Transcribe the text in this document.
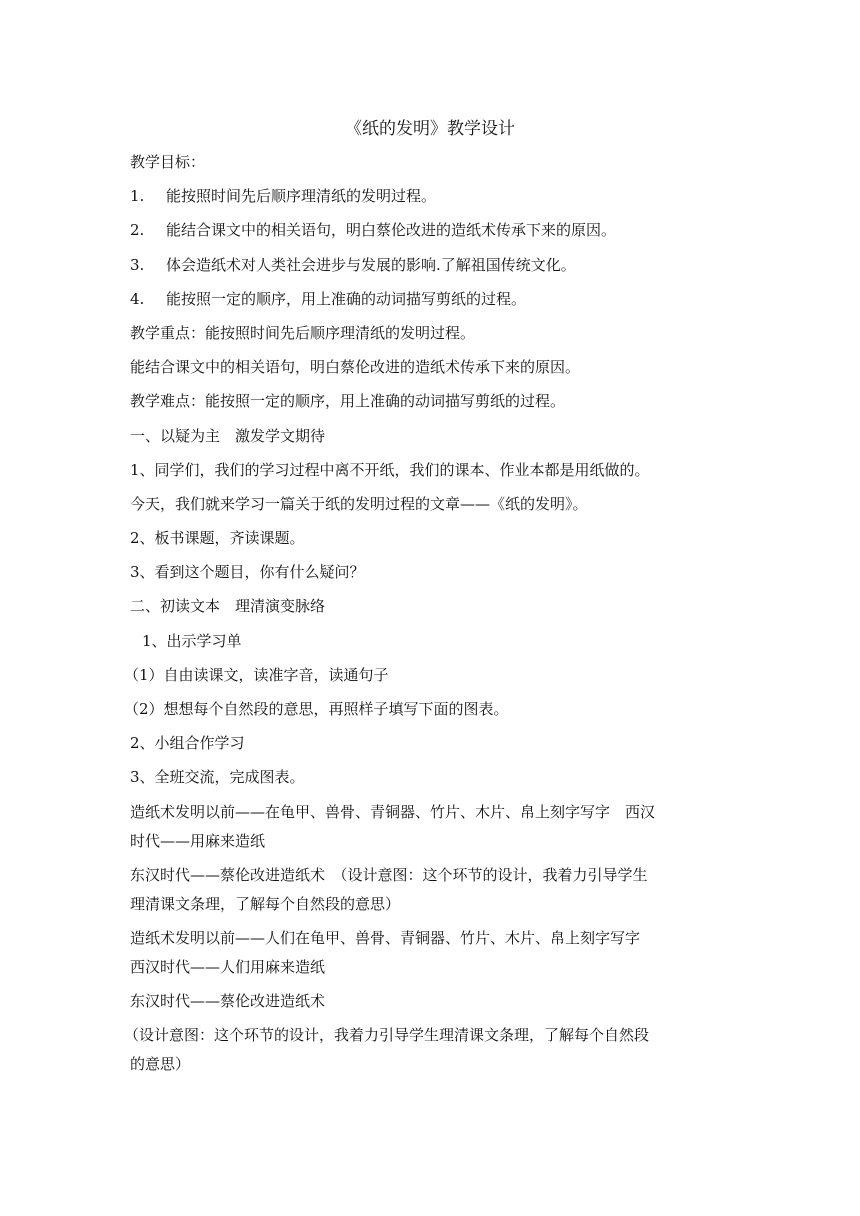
《纸的发明》教学设计
教学目标：
1. 能按照时间先后顺序理清纸的发明过程。
2. 能结合课文中的相关语句，明白蔡伦改进的造纸术传承下来的原因。
3. 体会造纸术对人类社会进步与发展的影响.了解祖国传统文化。
4. 能按照一定的顺序，用上准确的动词描写剪纸的过程。
教学重点：能按照时间先后顺序理清纸的发明过程。
能结合课文中的相关语句，明白蔡伦改进的造纸术传承下来的原因。
教学难点：能按照一定的顺序，用上准确的动词描写剪纸的过程。
一、以疑为主　激发学文期待
1、同学们，我们的学习过程中离不开纸，我们的课本、作业本都是用纸做的。
今天，我们就来学习一篇关于纸的发明过程的文章——《纸的发明》。
2、板书课题，齐读课题。
3、看到这个题目，你有什么疑问？
二、初读文本　理清演变脉络
1、出示学习单
（1）自由读课文，读准字音，读通句子
（2）想想每个自然段的意思，再照样子填写下面的图表。
2、小组合作学习
3、全班交流，完成图表。
造纸术发明以前——在龟甲、兽骨、青铜器、竹片、木片、帛上刻字写字　西汉
时代——用麻来造纸
东汉时代——蔡伦改进造纸术　（设计意图：这个环节的设计，我着力引导学生
理清课文条理，了解每个自然段的意思）
造纸术发明以前——人们在龟甲、兽骨、青铜器、竹片、木片、帛上刻字写字
西汉时代——人们用麻来造纸
东汉时代——蔡伦改进造纸术
（设计意图：这个环节的设计，我着力引导学生理清课文条理，了解每个自然段
的意思）
